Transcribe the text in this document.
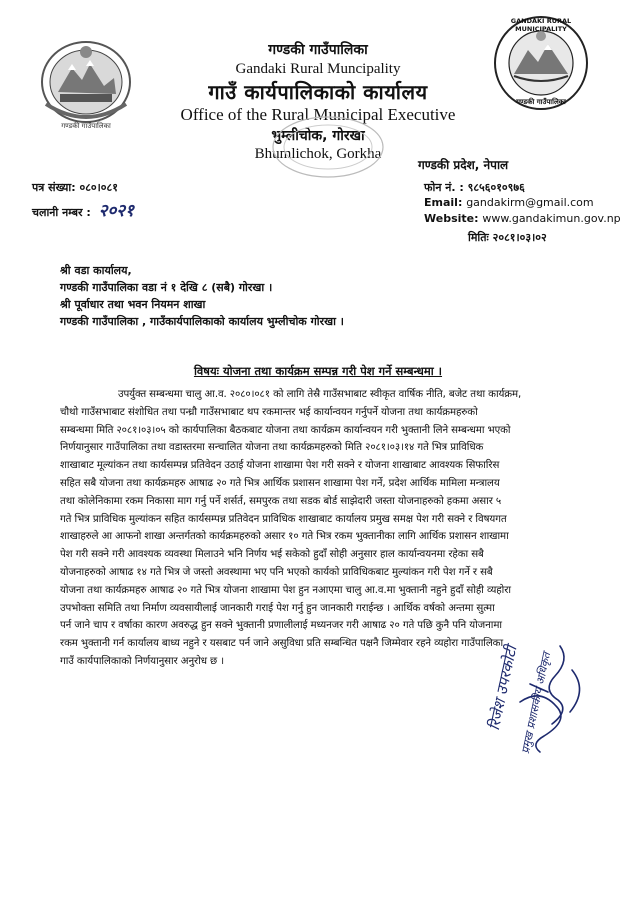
गण्डकी गाउँपालिका
GANDAKI RURAL MUNICIPALITY
गण्डकी गाउँपालिका
गण्डकी गाउँपालिका
Gandaki Rural Muncipality
गाउँ कार्यपालिकाको कार्यालय
Office of the Rural Municipal Executive
भुम्लीचोक, गोरखा
Bhumlichok, Gorkha
गण्डकी प्रदेश, नेपाल
फोन नं. : ९८५६०१०९७६
Email: gandakirm@gmail.com
Website: www.gandakimun.gov.np
मितिः २०८१।०३।०२
पत्र संख्या: ०८०।०८१
चलानी नम्बर : २०२१
श्री वडा कार्यालय,
गण्डकी गाउँपालिका वडा नं १ देखि ८ (सबै) गोरखा ।
श्री पूर्वाधार तथा भवन नियमन शाखा
गण्डकी गाउँपालिका , गाउँकार्यपालिकाको कार्यालय भुम्लीचोक गोरखा ।
विषयः योजना तथा कार्यक्रम सम्पन्न गरी पेश गर्ने सम्बन्धमा ।
उपर्युक्त सम्बन्धमा चालु आ.व. २०८०।०८१ को लागि तेस्रै गाउँसभाबाट स्वीकृत वार्षिक नीति, बजेट तथा कार्यक्रम,
चौथो गाउँसभाबाट संशोधित तथा पन्ध्रौ गाउँसभाबाट थप रकमान्तर भई कार्यान्वयन गर्नुपर्ने योजना तथा कार्यक्रमहरुको
सम्बन्धमा मिति २०८१।०३।०५ को कार्यपालिका बैठकबाट योजना तथा कार्यक्रम कार्यान्वयन गरी भुक्तानी लिने सम्बन्धमा भएको
निर्णयानुसार गाउँपालिका तथा वडास्तरमा सन्चालित योजना तथा कार्यक्रमहरुको मिति २०८१।०३।१४ गते भित्र प्राविधिक
शाखाबाट मूल्यांकन तथा कार्यसम्पन्न प्रतिवेदन उठाई योजना शाखामा पेश गरी सक्ने र योजना शाखाबाट आवश्यक सिफारिस
सहित सबै योजना तथा कार्यक्रमहरु आषाढ २० गते भित्र आर्थिक प्रशासन शाखामा पेश गर्ने, प्रदेश आर्थिक मामिला मन्त्रालय
तथा कोलेनिकामा रकम निकासा माग गर्नु पर्ने शर्सर्त, समपुरक तथा सडक बोर्ड साझेदारी जस्ता योजनाहरुको हकमा असार ५
गते भित्र प्राविधिक मुल्यांकन सहित कार्यसम्पन्न प्रतिवेदन प्राविधिक शाखाबाट कार्यालय प्रमुख समक्ष पेश गरी सक्ने र विषयगत
शाखाहरुले आ आफनो शाखा अन्तर्गतको कार्यक्रमहरुको असार १० गते भित्र रकम भुक्तानीका लागि आर्थिक प्रशासन शाखामा
पेश गरी सक्ने गरी आवश्यक व्यवस्था मिलाउने भनि निर्णय भई सकेको हुदाँ सोही अनुसार हाल कार्यान्वयनमा रहेका सबै
योजनाहरुको आषाढ १४ गते भित्र जे जस्तो अवस्थामा भए पनि भएको कार्यको प्राविधिकबाट मुल्यांकन गरी पेश गर्ने र सबै
योजना तथा कार्यक्रमहरु आषाढ २० गते भित्र योजना शाखामा पेश हुन नआएमा चालु आ.व.मा भुक्तानी नहुने हुदाँ सोही व्यहोरा
उपभोक्ता समिति तथा निर्माण व्यवसायीलाई जानकारी गराई पेश गर्नु हुन जानकारी गराईन्छ । आर्थिक वर्षको अन्तमा सुत्मा
पर्न जाने चाप र वर्षाका कारण अवरुद्ध हुन सक्ने भुक्तानी प्रणालीलाई मध्यनजर गरी आषाढ २० गते पछि कुनै पनि योजनामा
रकम भुक्तानी गर्न कार्यालय बाध्य नहुने र यसबाट पर्न जाने असुविधा प्रति सम्बन्धित पक्षनै जिम्मेवार रहने व्यहोरा गाउँपालिका
गाउँ कार्यपालिकाको निर्णयानुसार अनुरोध छ ।	रिजेश उपरकोटी
प्रमुख प्रशासकीय अधिकृत
